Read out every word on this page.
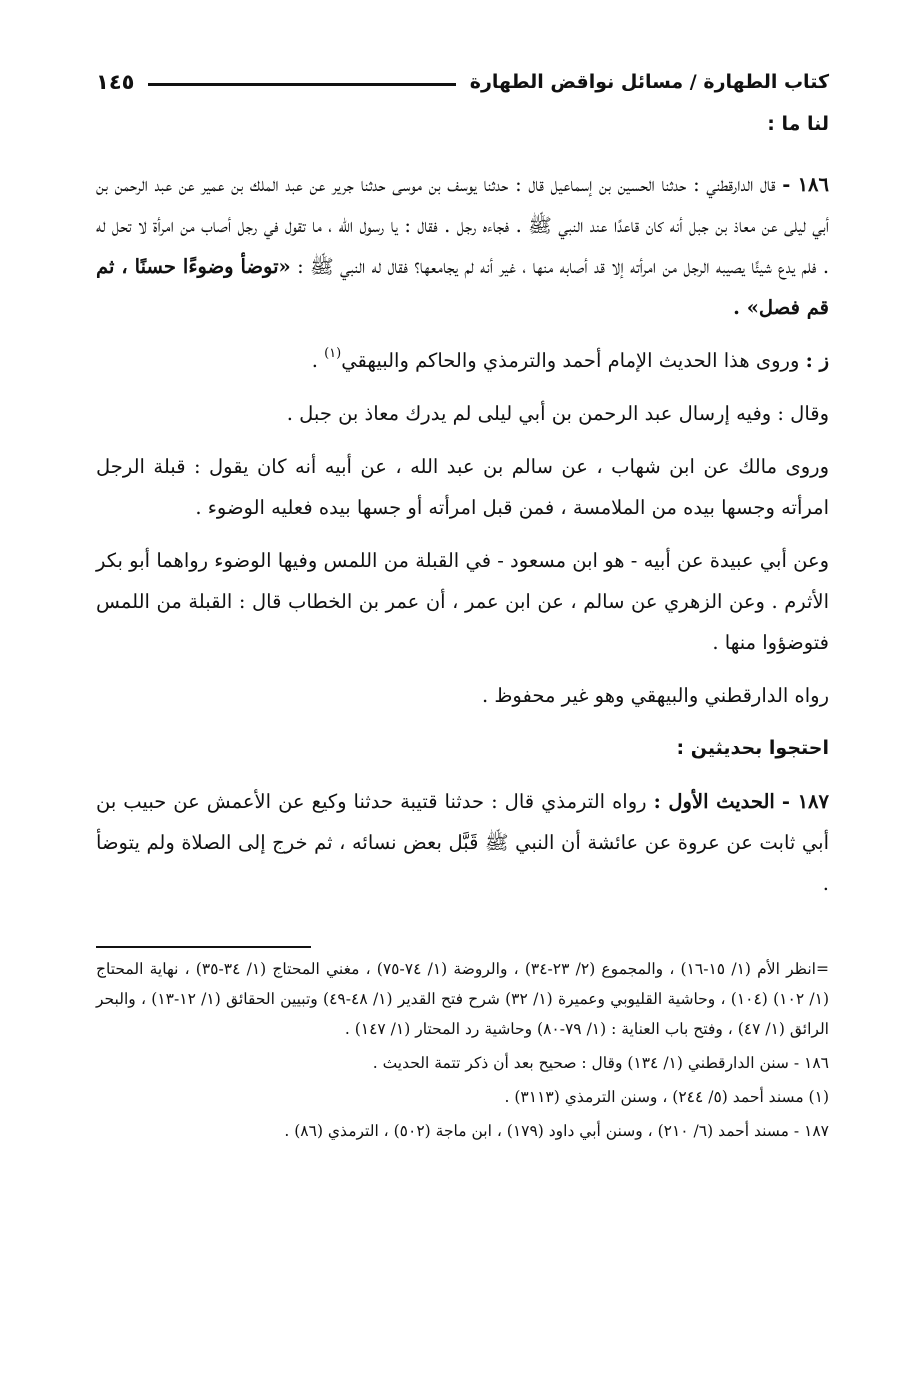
كتاب الطهارة / مسائل نواقض الطهارة
١٤٥
لنا ما :

١٨٦ - قال الدارقطني : حدثنا الحسين بن إسماعيل قال : حدثنا يوسف بن موسى حدثنا جرير عن عبد الملك بن عمير عن عبد الرحمن بن أبي ليلى عن معاذ بن جبل أنه كان قاعدًا عند النبي ﷺ . فجاءه رجل . فقال : يا رسول الله ، ما تقول في رجل أصاب من امرأة لا تحل له . فلم يدع شيئًا يصيبه الرجل من امرأته إلا قد أصابه منها ، غير أنه لم يجامعها؟ فقال له النبي ﷺ : «توضأ وضوءًا حسنًا ، ثم قم فصل» .

ز : وروى هذا الحديث الإمام أحمد والترمذي والحاكم والبيهقي$^{(١)}$ .

وقال : وفيه إرسال عبد الرحمن بن أبي ليلى لم يدرك معاذ بن جبل .

وروى مالك عن ابن شهاب ، عن سالم بن عبد الله ، عن أبيه أنه كان يقول : قبلة الرجل امرأته وجسها بيده من الملامسة ، فمن قبل امرأته أو جسها بيده فعليه الوضوء .

وعن أبي عبيدة عن أبيه - هو ابن مسعود - في القبلة من اللمس وفيها الوضوء رواهما أبو بكر الأثرم . وعن الزهري عن سالم ، عن ابن عمر ، أن عمر بن الخطاب قال : القبلة من اللمس فتوضؤوا منها .

رواه الدارقطني والبيهقي وهو غير محفوظ .

احتجوا بحديثين :

١٨٧ - الحديث الأول : رواه الترمذي قال : حدثنا قتيبة حدثنا وكيع عن الأعمش عن حبيب بن أبي ثابت عن عروة عن عائشة أن النبي ﷺ قَبَّل بعض نسائه ، ثم خرج إلى الصلاة ولم يتوضأ .

=انظر الأم (١/ ١٥-١٦) ، والمجموع (٢/ ٢٣-٣٤) ، والروضة (١/ ٧٤-٧٥) ، مغني المحتاج (١/ ٣٤-٣٥) ، نهاية المحتاج (١/ ١٠٢) (١٠٤) ، وحاشية القليوبي وعميرة (١/ ٣٢) شرح فتح القدير (١/ ٤٨-٤٩) وتبيين الحقائق (١/ ١٢-١٣) ، والبحر الرائق (١/ ٤٧) ، وفتح باب العناية : (١/ ٧٩-٨٠) وحاشية رد المحتار (١/ ١٤٧) .

١٨٦ - سنن الدارقطني (١/ ١٣٤) وقال : صحيح بعد أن ذكر تتمة الحديث .

(١) مسند أحمد (٥/ ٢٤٤) ، وسنن الترمذي (٣١١٣) .

١٨٧ - مسند أحمد (٦/ ٢١٠) ، وسنن أبي داود (١٧٩) ، ابن ماجة (٥٠٢) ، الترمذي (٨٦) .
